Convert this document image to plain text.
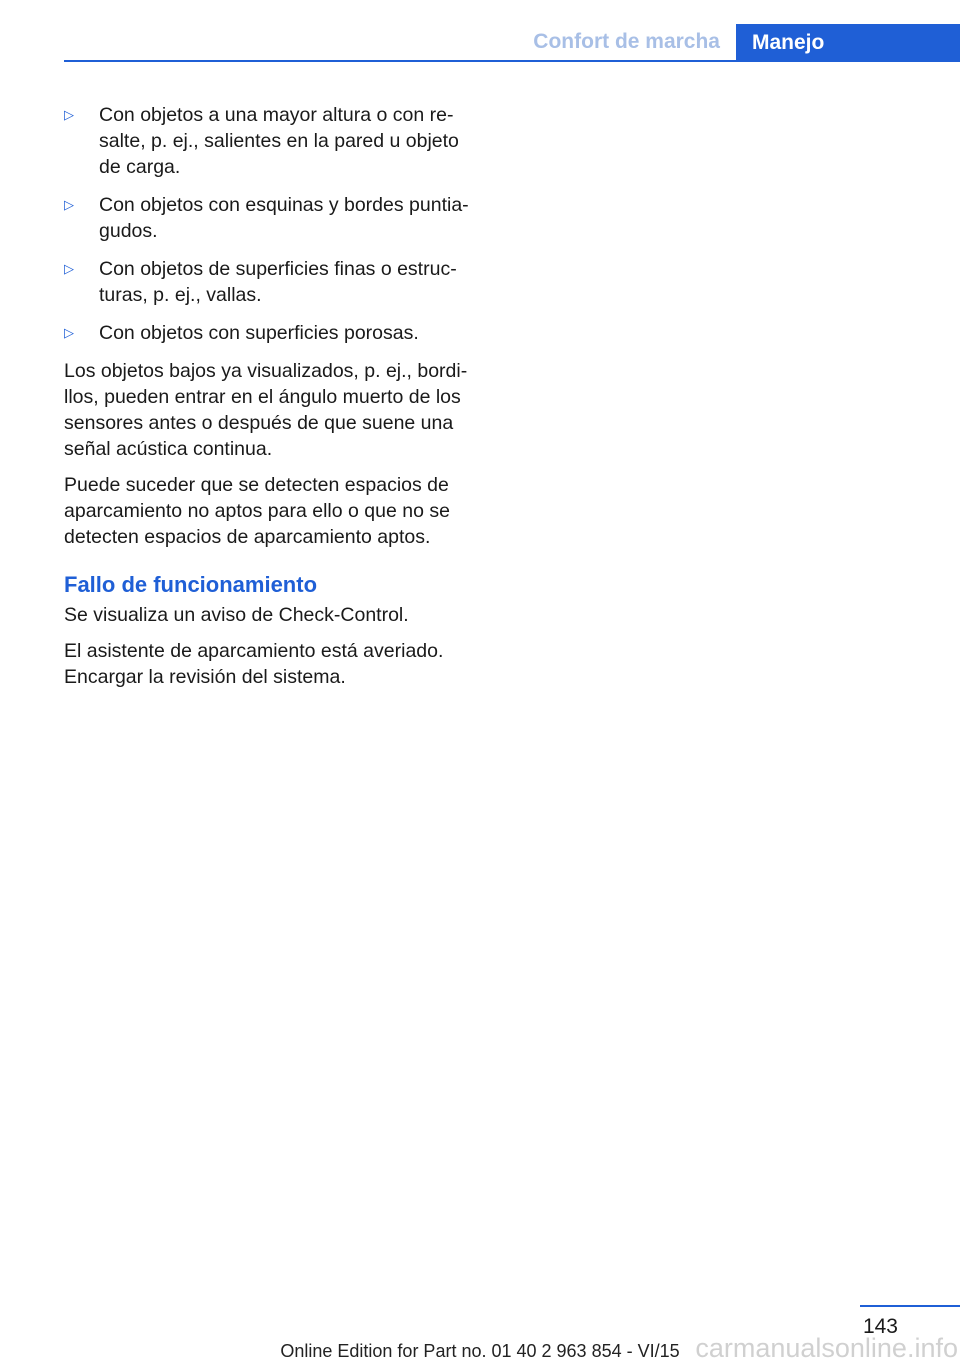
Confort de marcha	Manejo
▷ Con objetos a una mayor altura o con re‐ salte, p. ej., salientes en la pared u objeto de carga.
▷ Con objetos con esquinas y bordes puntia‐ gudos.
▷ Con objetos de superficies finas o estruc‐ turas, p. ej., vallas.
▷ Con objetos con superficies porosas.

Los objetos bajos ya visualizados, p. ej., bordi‐ llos, pueden entrar en el ángulo muerto de los sensores antes o después de que suene una señal acústica continua.

Puede suceder que se detecten espacios de aparcamiento no aptos para ello o que no se detecten espacios de aparcamiento aptos.

Fallo de funcionamiento

Se visualiza un aviso de Check-Control.

El asistente de aparcamiento está averiado. Encargar la revisión del sistema.

143
Online Edition for Part no. 01 40 2 963 854 - VI/15 carmanualsonline.info
